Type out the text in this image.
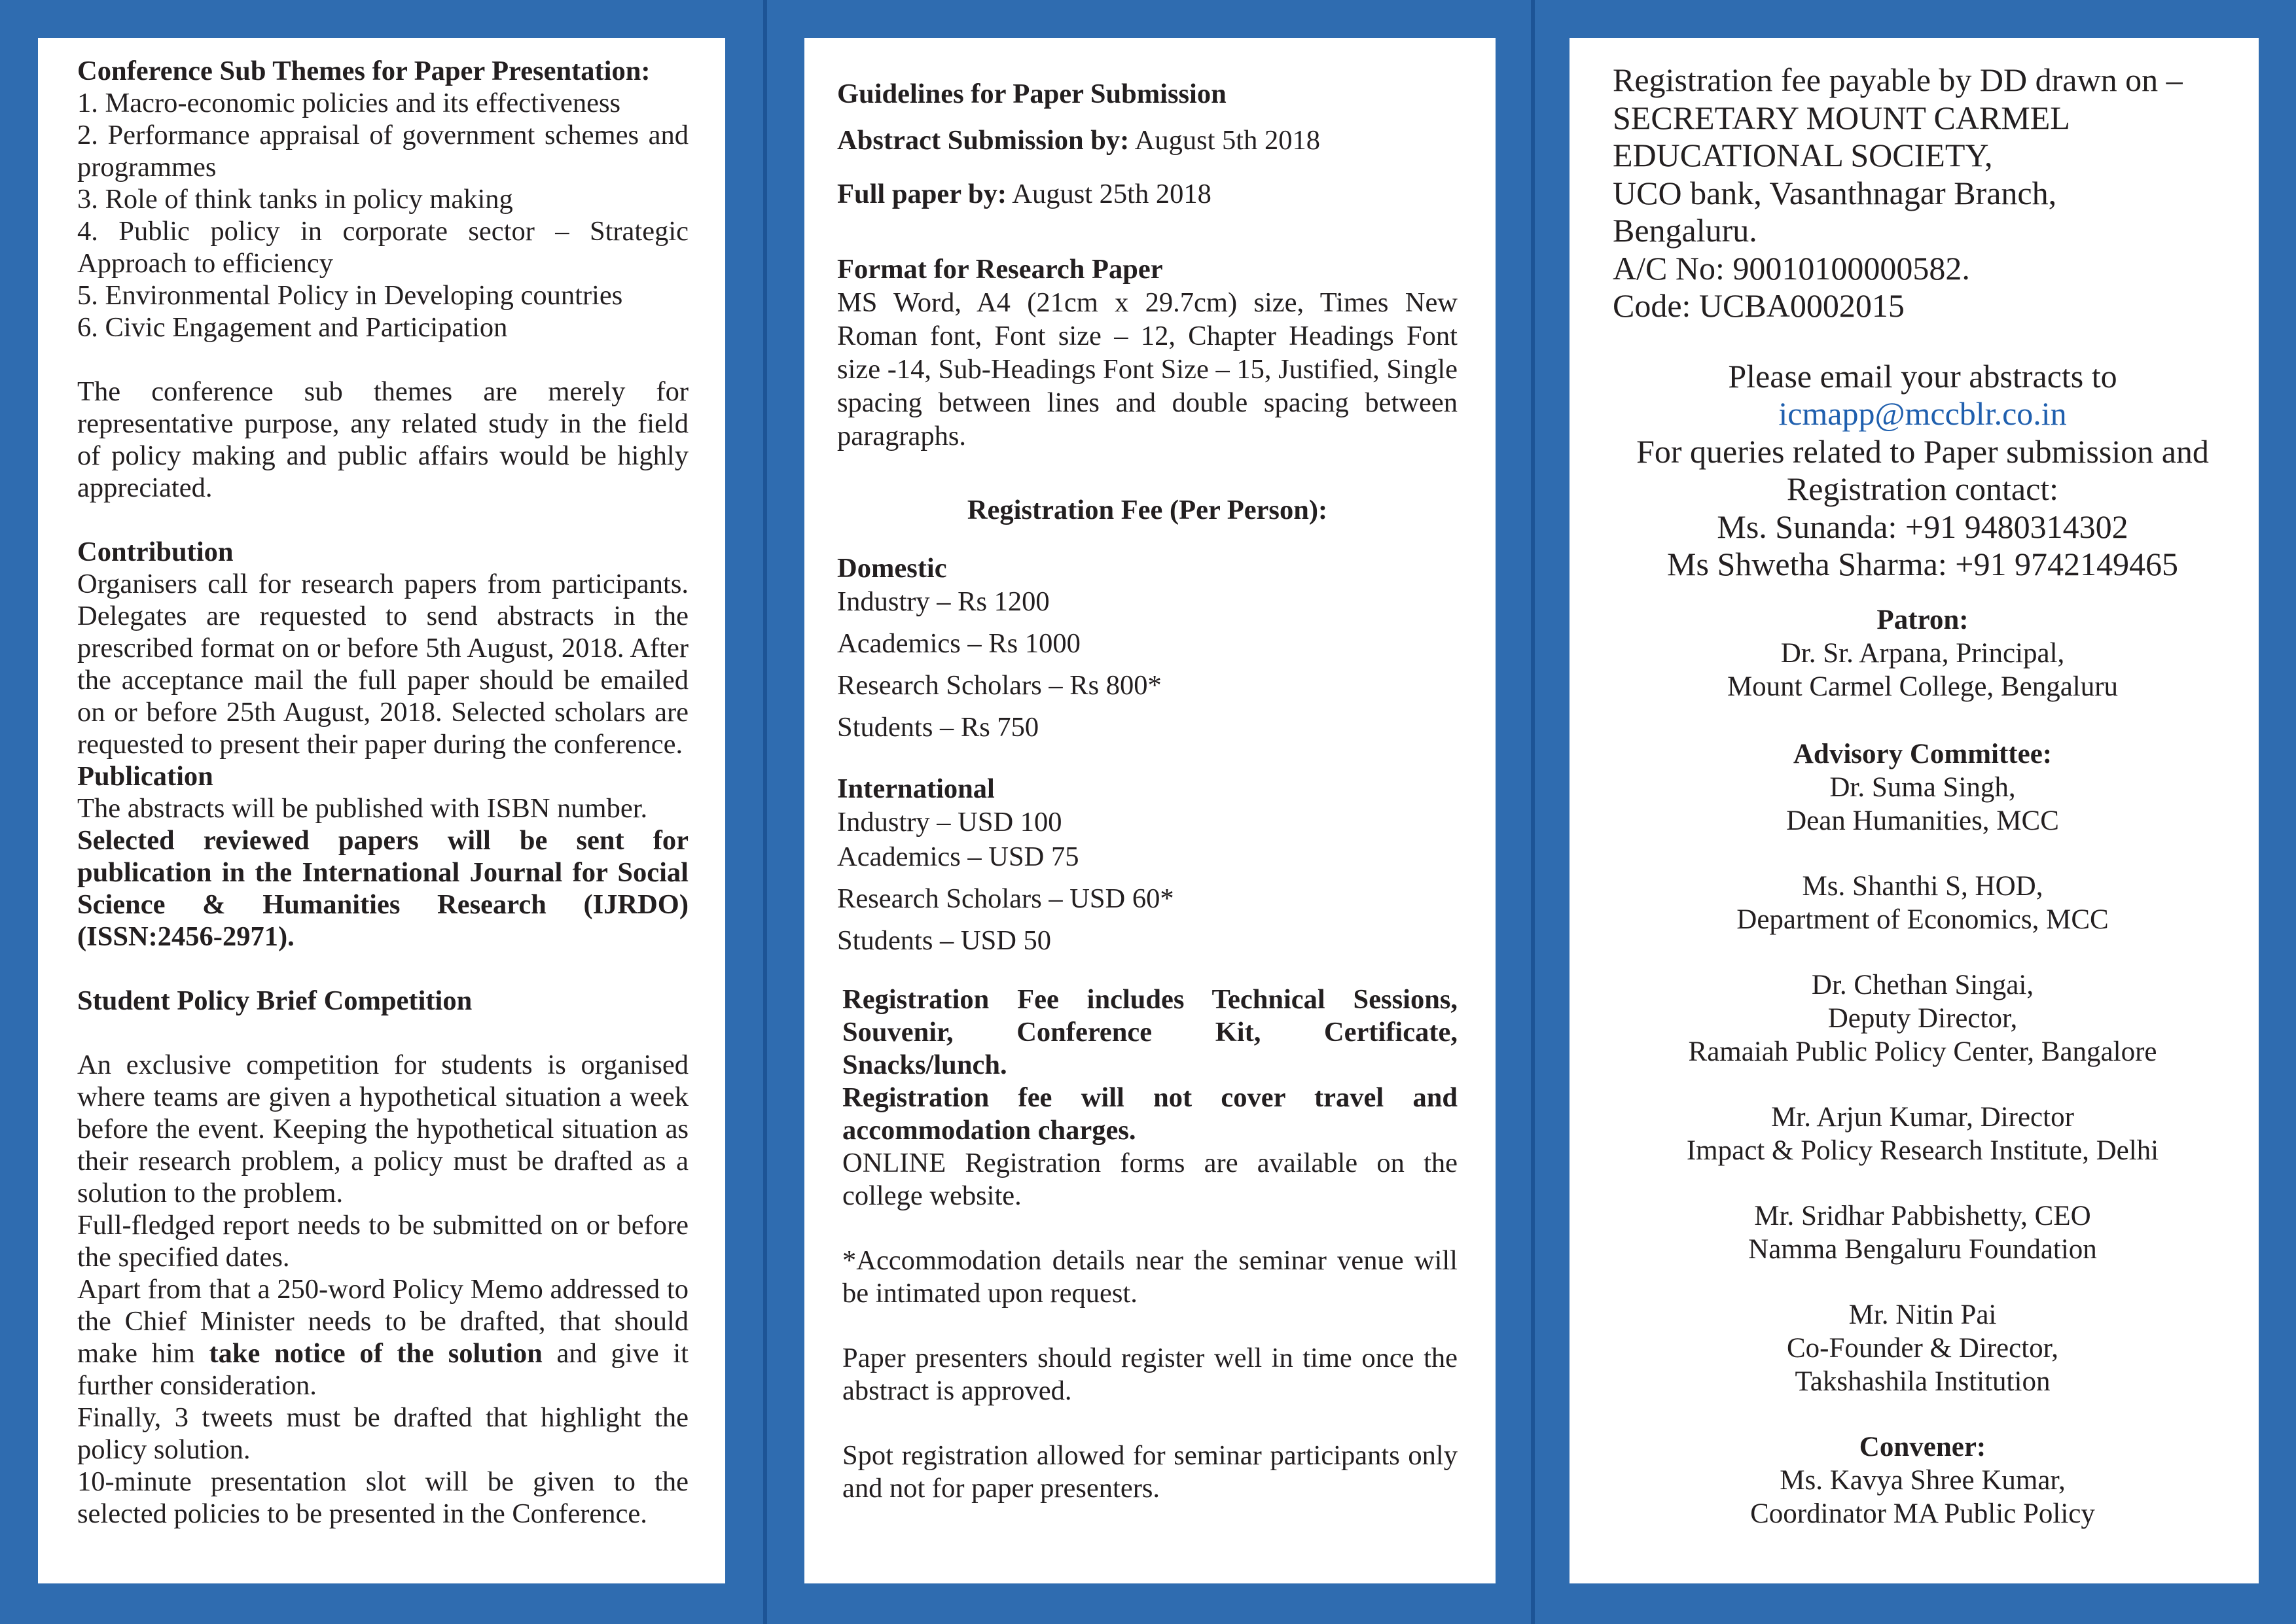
Conference Sub Themes for Paper Presentation:
1. Macro-economic policies and its effectiveness
2. Performance appraisal of government schemes and programmes
3. Role of think tanks in policy making
4. Public policy in corporate sector – Strategic Approach to efficiency
5. Environmental Policy in Developing countries
6. Civic Engagement and Participation
The conference sub themes are merely for representative purpose, any related study in the field of policy making and public affairs would be highly appreciated.
Contribution
Organisers call for research papers from participants. Delegates are requested to send abstracts in the prescribed format on or before 5th August, 2018. After the acceptance mail the full paper should be emailed on or before 25th August, 2018. Selected scholars are requested to present their paper during the conference.
Publication
The abstracts will be published with ISBN number.
Selected reviewed papers will be sent for publication in the International Journal for Social Science & Humanities Research (IJRDO) (ISSN:2456-2971).
Student Policy Brief Competition
An exclusive competition for students is organised where teams are given a hypothetical situation a week before the event. Keeping the hypothetical situation as their research problem, a policy must be drafted as a solution to the problem.
Full-fledged report needs to be submitted on or before the specified dates.
Apart from that a 250-word Policy Memo addressed to the Chief Minister needs to be drafted, that should make him take notice of the solution and give it further consideration.
Finally, 3 tweets must be drafted that highlight the policy solution.
10-minute presentation slot will be given to the selected policies to be presented in the Conference.
Guidelines for Paper Submission
Abstract Submission by: August 5th 2018
Full paper by: August 25th 2018
Format for Research Paper
MS Word, A4 (21cm x 29.7cm) size, Times New Roman font, Font size – 12, Chapter Headings Font size -14, Sub-Headings Font Size – 15, Justified, Single spacing between lines and double spacing between paragraphs.
Registration Fee (Per Person):
Domestic
Industry – Rs 1200
Academics – Rs 1000
Research Scholars – Rs 800*
Students – Rs 750
International
Industry – USD 100
Academics – USD 75
Research Scholars – USD 60*
Students – USD 50
Registration Fee includes Technical Sessions, Souvenir, Conference Kit, Certificate, Snacks/lunch.
Registration fee will not cover travel and accommodation charges.
ONLINE Registration forms are available on the college website.
*Accommodation details near the seminar venue will be intimated upon request.
Paper presenters should register well in time once the abstract is approved.
Spot registration allowed for seminar participants only and not for paper presenters.
Registration fee payable by DD drawn on –
SECRETARY MOUNT CARMEL
EDUCATIONAL SOCIETY,
UCO bank, Vasanthnagar Branch,
Bengaluru.
A/C No: 90010100000582.
Code: UCBA0002015
Please email your abstracts to
icmapp@mccblr.co.in
For queries related to Paper submission and Registration contact:
Ms. Sunanda: +91 9480314302
Ms Shwetha Sharma: +91 9742149465
Patron:
Dr. Sr. Arpana, Principal,
Mount Carmel College, Bengaluru
Advisory Committee:
Dr. Suma Singh,
Dean Humanities, MCC
Ms. Shanthi S, HOD,
Department of Economics, MCC
Dr. Chethan Singai,
Deputy Director,
Ramaiah Public Policy Center, Bangalore
Mr. Arjun Kumar, Director
Impact & Policy Research Institute, Delhi
Mr. Sridhar Pabbishetty, CEO
Namma Bengaluru Foundation
Mr. Nitin Pai
Co-Founder & Director,
Takshashila Institution
Convener:
Ms. Kavya Shree Kumar,
Coordinator MA Public Policy
